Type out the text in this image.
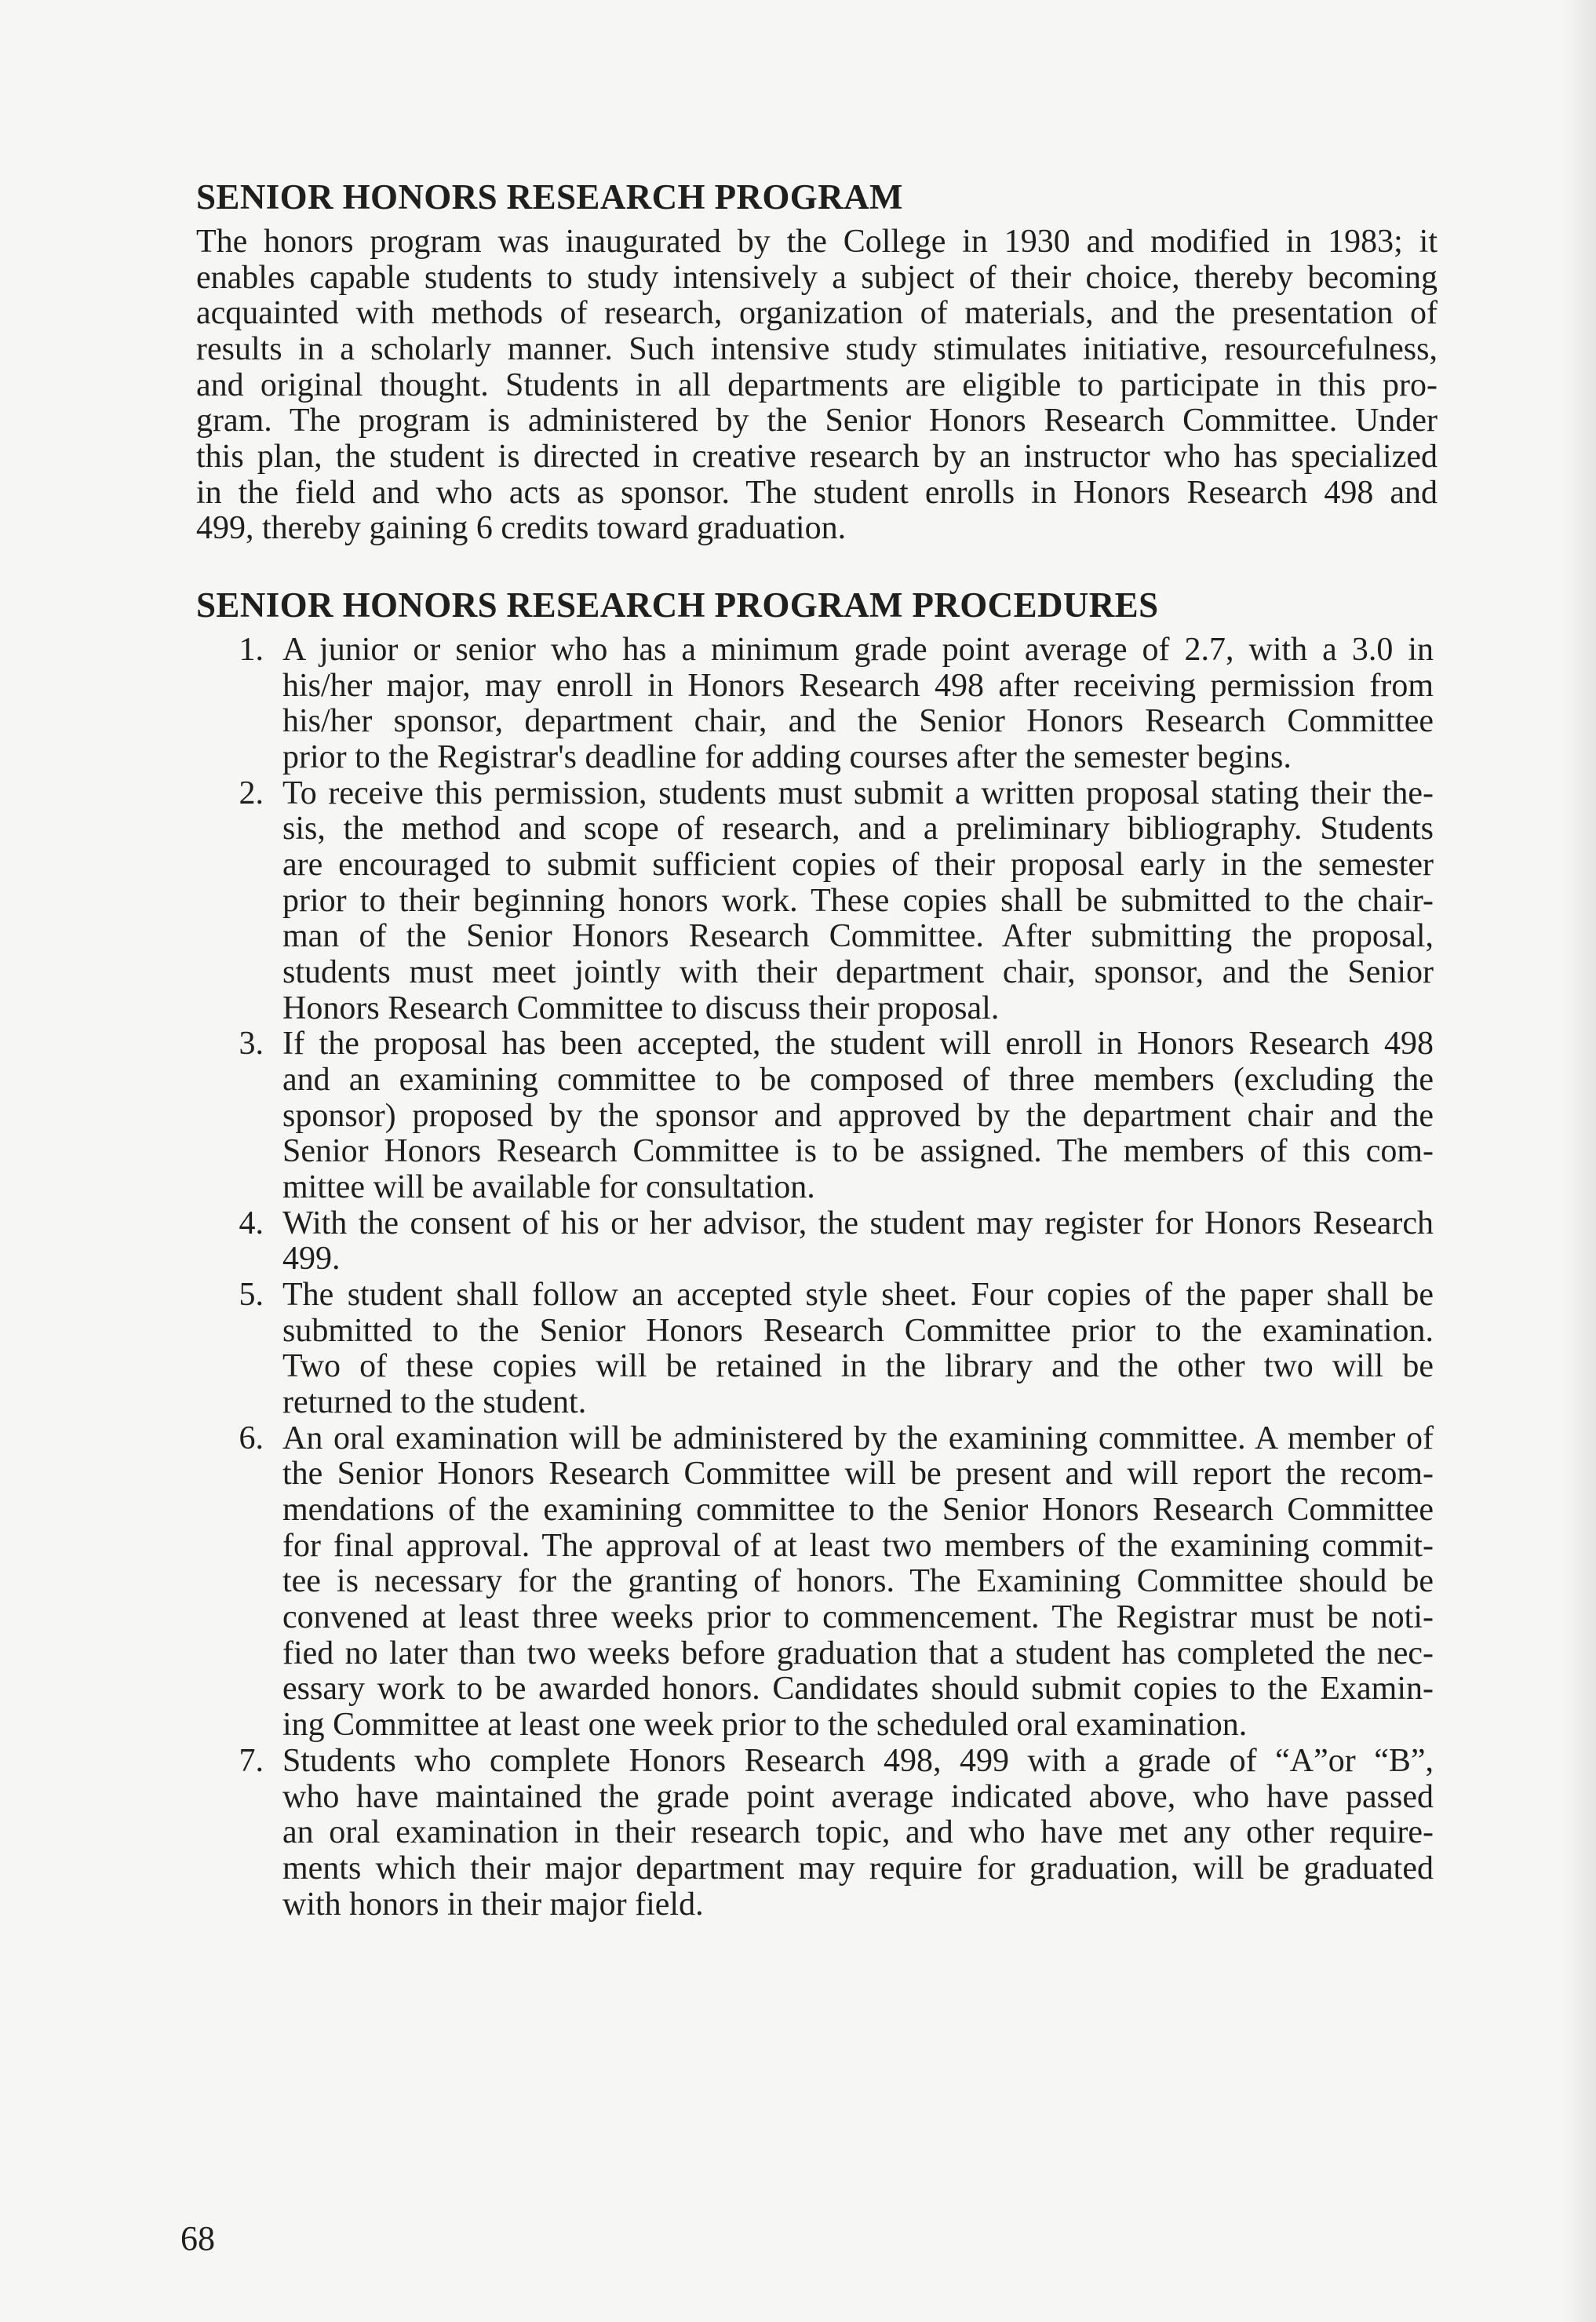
SENIOR HONORS RESEARCH PROGRAM
The honors program was inaugurated by the College in 1930 and modified in 1983; it
enables capable students to study intensively a subject of their choice, thereby becoming
acquainted with methods of research, organization of materials, and the presentation of
results in a scholarly manner. Such intensive study stimulates initiative, resourcefulness,
and original thought. Students in all departments are eligible to participate in this pro-
gram. The program is administered by the Senior Honors Research Committee. Under
this plan, the student is directed in creative research by an instructor who has specialized
in the field and who acts as sponsor. The student enrolls in Honors Research 498 and
499, thereby gaining 6 credits toward graduation.
SENIOR HONORS RESEARCH PROGRAM PROCEDURES
1. A junior or senior who has a minimum grade point average of 2.7, with a 3.0 in
his/her major, may enroll in Honors Research 498 after receiving permission from
his/her sponsor, department chair, and the Senior Honors Research Committee
prior to the Registrar's deadline for adding courses after the semester begins.
2. To receive this permission, students must submit a written proposal stating their the-
sis, the method and scope of research, and a preliminary bibliography. Students
are encouraged to submit sufficient copies of their proposal early in the semester
prior to their beginning honors work. These copies shall be submitted to the chair-
man of the Senior Honors Research Committee. After submitting the proposal,
students must meet jointly with their department chair, sponsor, and the Senior
Honors Research Committee to discuss their proposal.
3. If the proposal has been accepted, the student will enroll in Honors Research 498
and an examining committee to be composed of three members (excluding the
sponsor) proposed by the sponsor and approved by the department chair and the
Senior Honors Research Committee is to be assigned. The members of this com-
mittee will be available for consultation.
4. With the consent of his or her advisor, the student may register for Honors Research
499.
5. The student shall follow an accepted style sheet. Four copies of the paper shall be
submitted to the Senior Honors Research Committee prior to the examination.
Two of these copies will be retained in the library and the other two will be
returned to the student.
6. An oral examination will be administered by the examining committee. A member of
the Senior Honors Research Committee will be present and will report the recom-
mendations of the examining committee to the Senior Honors Research Committee
for final approval. The approval of at least two members of the examining commit-
tee is necessary for the granting of honors. The Examining Committee should be
convened at least three weeks prior to commencement. The Registrar must be noti-
fied no later than two weeks before graduation that a student has completed the nec-
essary work to be awarded honors. Candidates should submit copies to the Examin-
ing Committee at least one week prior to the scheduled oral examination.
7. Students who complete Honors Research 498, 499 with a grade of “A”or “B”,
who have maintained the grade point average indicated above, who have passed
an oral examination in their research topic, and who have met any other require-
ments which their major department may require for graduation, will be graduated
with honors in their major field.
68
